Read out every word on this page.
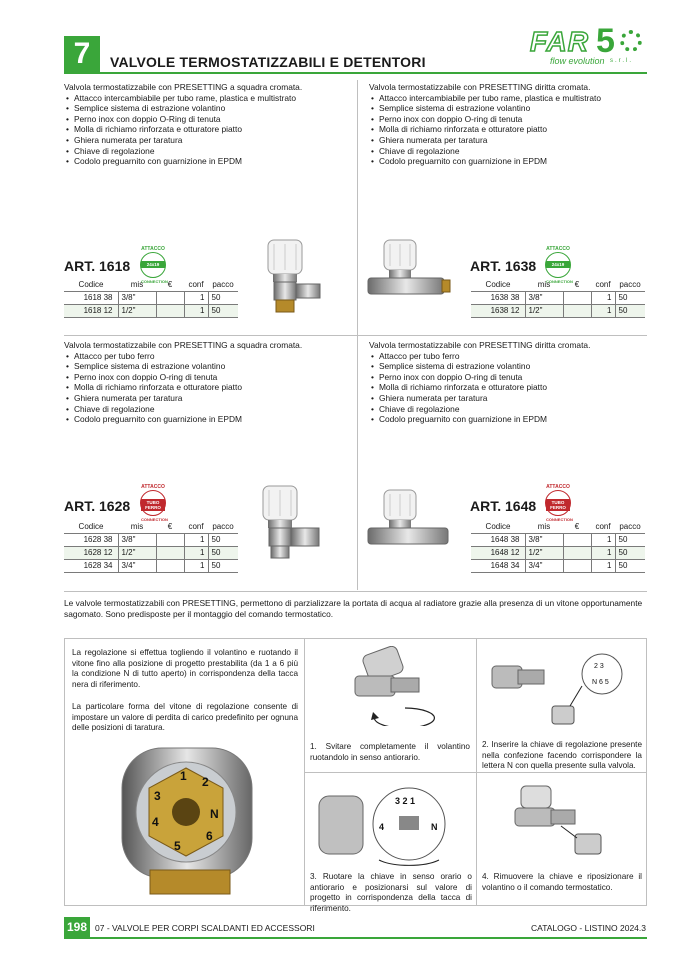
7	VALVOLE TERMOSTATIZZABILI E DETENTORI
FAR 5
flow evolution s.r.l.
Valvola termostatizzabile con PRESETTING a squadra cromata.
• Attacco intercambiabile per tubo rame, plastica e multistrato
• Semplice sistema di estrazione volantino
• Perno inox con doppio O-Ring di tenuta
• Molla di richiamo rinforzata e otturatore piatto
• Ghiera numerata per taratura
• Chiave di regolazione
• Codolo preguarnito con guarnizione in EPDM
ART. 1618
ATTACCO
24x19
CONNECTION
Codice	mis	€	conf	pacco
1618 38	3/8"		1	50
1618 12	1/2"		1	50
Valvola termostatizzabile con PRESETTING diritta cromata.
• Attacco intercambiabile per tubo rame, plastica e multistrato
• Semplice sistema di estrazione volantino
• Perno inox con doppio O-ring di tenuta
• Molla di richiamo rinforzata e otturatore piatto
• Ghiera numerata per taratura
• Chiave di regolazione
• Codolo preguarnito con guarnizione in EPDM
ART. 1638
ATTACCO
24x19
CONNECTION
Codice	mis	€	conf	pacco
1638 38	3/8"		1	50
1638 12	1/2"		1	50
Valvola termostatizzabile con PRESETTING a squadra cromata.
• Attacco per tubo ferro
• Semplice sistema di estrazione volantino
• Perno inox con doppio O-ring di tenuta
• Molla di richiamo rinforzata e otturatore piatto
• Ghiera numerata per taratura
• Chiave di regolazione
• Codolo preguarnito con guarnizione in EPDM
ART. 1628
ATTACCO
TUBO FERRO
CONNECTION
Codice	mis	€	conf	pacco
1628 38	3/8"		1	50
1628 12	1/2"		1	50
1628 34	3/4"		1	50
Valvola termostatizzabile con PRESETTING diritta cromata.
• Attacco per tubo ferro
• Semplice sistema di estrazione volantino
• Perno inox con doppio O-ring di tenuta
• Molla di richiamo rinforzata e otturatore piatto
• Ghiera numerata per taratura
• Chiave di regolazione
• Codolo preguarnito con guarnizione in EPDM
ART. 1648
ATTACCO
TUBO FERRO
CONNECTION
Codice	mis	€	conf	pacco
1648 38	3/8"		1	50
1648 12	1/2"		1	50
1648 34	3/4"		1	50
Le valvole termostatizzabili con PRESETTING, permettono di parzializzare la portata di acqua al radiatore grazie alla presenza di un vitone opportunamente sagomato. Sono predisposte per il montaggio del comando termostatico.
La regolazione si effettua togliendo il volantino e ruotando il vitone fino alla posizione di progetto prestabilita (da 1 a 6 più la condizione N di tutto aperto) in corrispondenza della tacca nera di riferimento.
La particolare forma del vitone di regolazione consente di impostare un valore di perdita di carico predefinito per ognuna delle posizioni di taratura.
1 2
3
4
5
6
N
1. Svitare completamente il volantino ruotandolo in senso antiorario.
2 3
N 6 5
2. Inserire la chiave di regolazione presente nella confezione facendo corrispondere la lettera N con quella presente sulla valvola.
3 2 1
4	N
3. Ruotare la chiave in senso orario o antiorario e posizionarsi sul valore di progetto in corrispondenza della tacca di riferimento.
4. Rimuovere la chiave e riposizionare il volantino o il comando termostatico.
198 07 - VALVOLE PER CORPI SCALDANTI ED ACCESSORI	CATALOGO - LISTINO 2024.3
